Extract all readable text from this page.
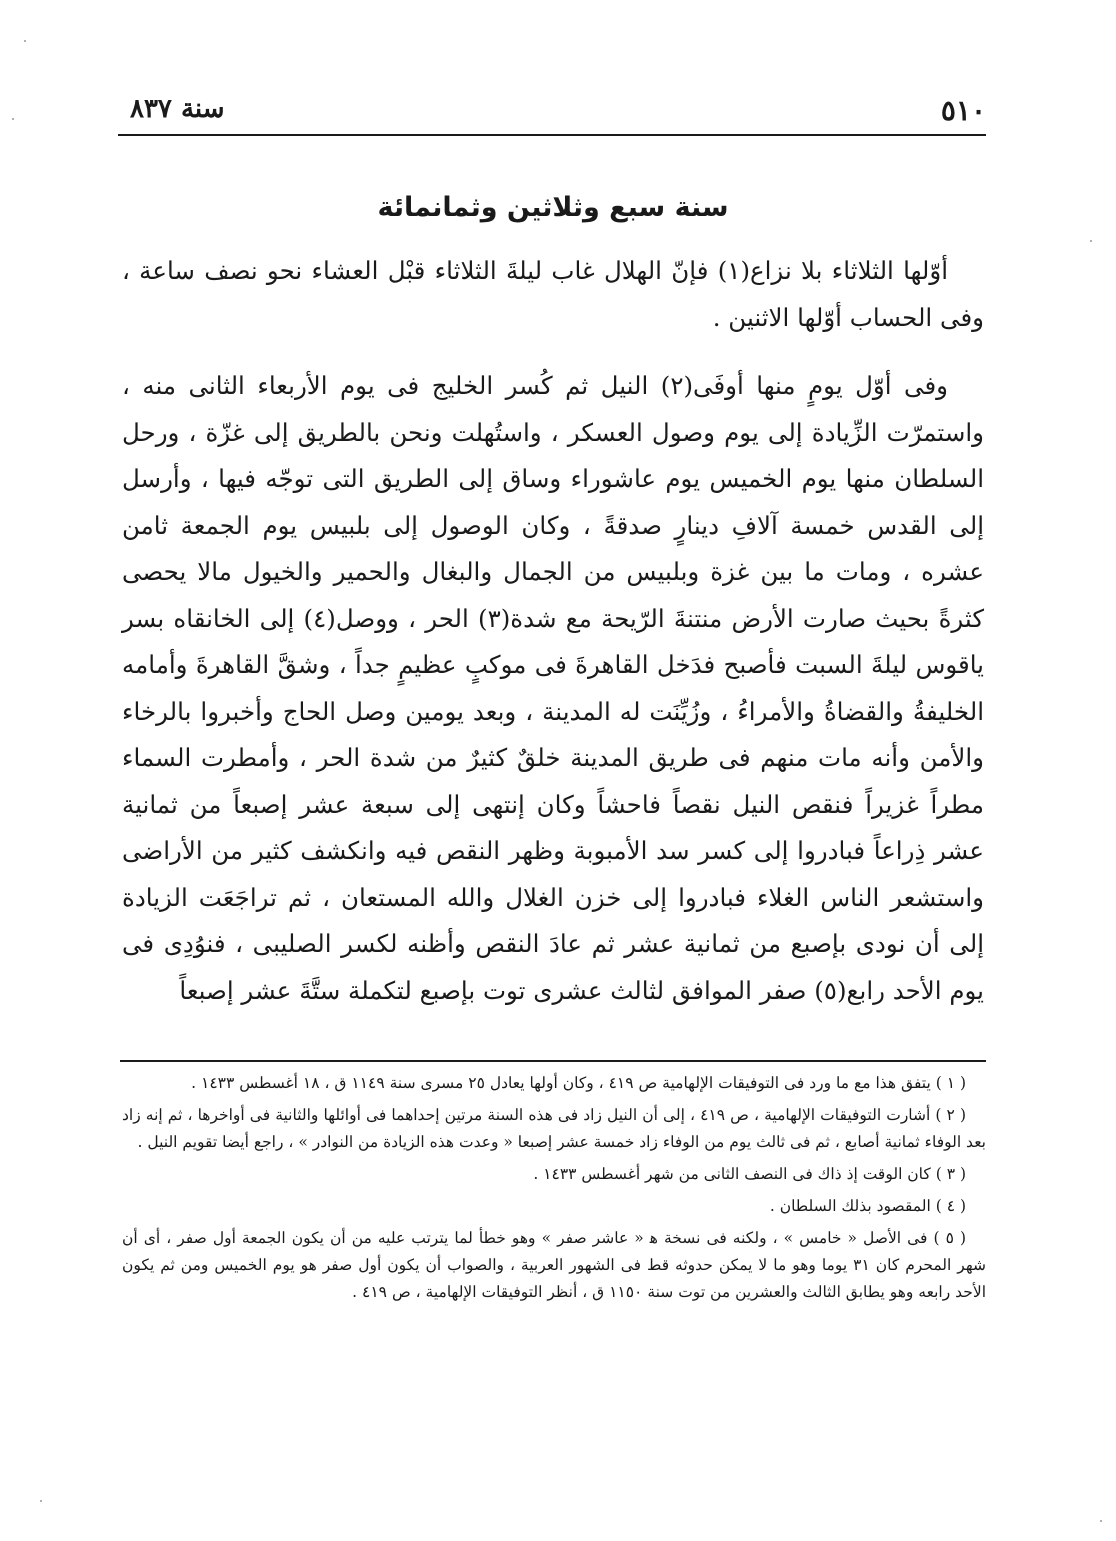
٥١٠
سنة ٨٣٧
سنة سبع وثلاثين وثمانمائة

أوّلها الثلاثاء بلا نزاع(١) فإنّ الهلال غاب ليلةَ الثلاثاء قبْل العشاء نحو نصف ساعة ، وفى الحساب أوّلها الاثنين .

وفى أوّل يومٍ منها أوفَى(٢) النيل ثم كُسر الخليج فى يوم الأربعاء الثانى منه ، واستمرّت الزِّيادة إلى يوم وصول العسكر ، واستُهلت ونحن بالطريق إلى غزّة ، ورحل السلطان منها يوم الخميس يوم عاشوراء وساق إلى الطريق التى توجّه فيها ، وأرسل إلى القدس خمسة آلافِ دينارٍ صدقةً ، وكان الوصول إلى بلبيس يوم الجمعة ثامن عشره ، ومات ما بين غزة وبلبيس من الجمال والبغال والحمير والخيول مالا يحصى كثرةً بحيث صارت الأرض منتنةَ الرّيحة مع شدة(٣) الحر ، ووصل(٤) إلى الخانقاه بسر ياقوس ليلةَ السبت فأصبح فدَخل القاهرةَ فى موكبٍ عظيمٍ جداً ، وشقَّ القاهرةَ وأمامه الخليفةُ والقضاةُ والأمراءُ ، وزُيِّنَت له المدينة ، وبعد يومين وصل الحاج وأخبروا بالرخاء والأمن وأنه مات منهم فى طريق المدينة خلقٌ كثيرٌ من شدة الحر ، وأمطرت السماء مطراً غزيراً فنقص النيل نقصاً فاحشاً وكان إنتهى إلى سبعة عشر إصبعاً من ثمانية عشر ذِراعاً فبادروا إلى كسر سد الأمبوبة وظهر النقص فيه وانكشف كثير من الأراضى واستشعر الناس الغلاء فبادروا إلى خزن الغلال والله المستعان ، ثم تراجَعَت الزيادة إلى أن نودى بإصبع من ثمانية عشر ثم عادَ النقص وأظنه لكسر الصليبى ، فنوُدِى فى يوم الأحد رابع(٥) صفر الموافق لثالث عشرى توت بإصبع لتكملة ستَّةَ عشر إصبعاً

( ١ ) يتفق هذا مع ما ورد فى التوفيقات الإلهامية ص ٤١٩ ، وكان أولها يعادل ٢٥ مسرى سنة ١١٤٩ ق ، ١٨ أغسطس ١٤٣٣ .

( ٢ ) أشارت التوفيقات الإلهامية ، ص ٤١٩ ، إلى أن النيل زاد فى هذه السنة مرتين إحداهما فى أوائلها والثانية فى أواخرها ، ثم إنه زاد بعد الوفاء ثمانية أصابع ، ثم فى ثالث يوم من الوفاء زاد خمسة عشر إصبعا « وعدت هذه الزيادة من النوادر » ، راجع أيضا تقويم النيل .

( ٣ ) كان الوقت إذ ذاك فى النصف الثانى من شهر أغسطس ١٤٣٣ .

( ٤ ) المقصود بذلك السلطان .

( ٥ ) فى الأصل « خامس » ، ولكنه فى نسخة ﻫ « عاشر صفر » وهو خطأ لما يترتب عليه من أن يكون الجمعة أول صفر ، أى أن شهر المحرم كان ٣١ يوما وهو ما لا يمكن حدوثه قط فى الشهور العربية ، والصواب أن يكون أول صفر هو يوم الخميس ومن ثم يكون الأحد رابعه وهو يطابق الثالث والعشرين من توت سنة ١١٥٠ ق ، أنظر التوفيقات الإلهامية ، ص ٤١٩ .
